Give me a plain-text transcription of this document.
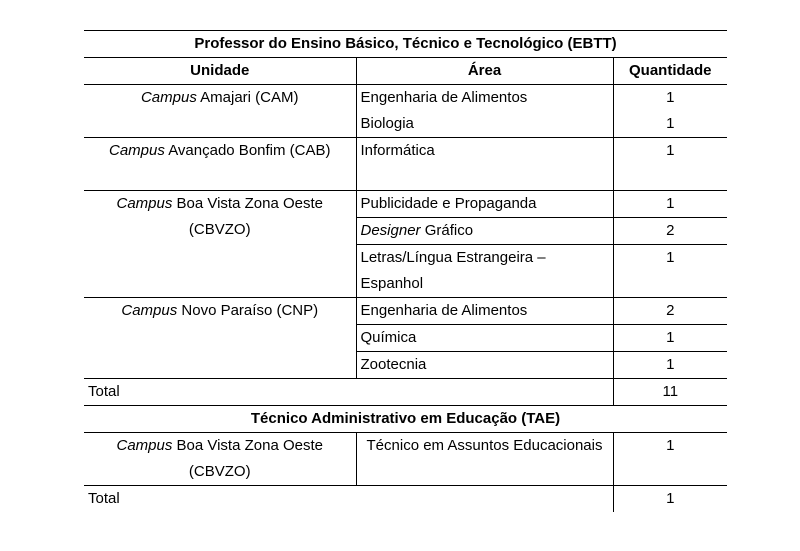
Professor do Ensino Básico, Técnico e Tecnológico (EBTT)		
Unidade	Área	Quantidade
Campus Amajari (CAM)	Engenharia de Alimentos	1
	Biologia	1
Campus Avançado Bonfim (CAB)	Informática	1
Campus Boa Vista Zona Oeste (CBVZO)	Publicidade e Propaganda	1
	Designer Gráfico	2

	Letras/Língua Estrangeira – Espanhol	1

Campus Novo Paraíso (CNP)	Engenharia de Alimentos	2
	Química	1
	Zootecnia	1
Total		11
Técnico Administrativo em Educação (TAE)		
Campus Boa Vista Zona Oeste (CBVZO)	Técnico em Assuntos Educacionais	1
Total		1
